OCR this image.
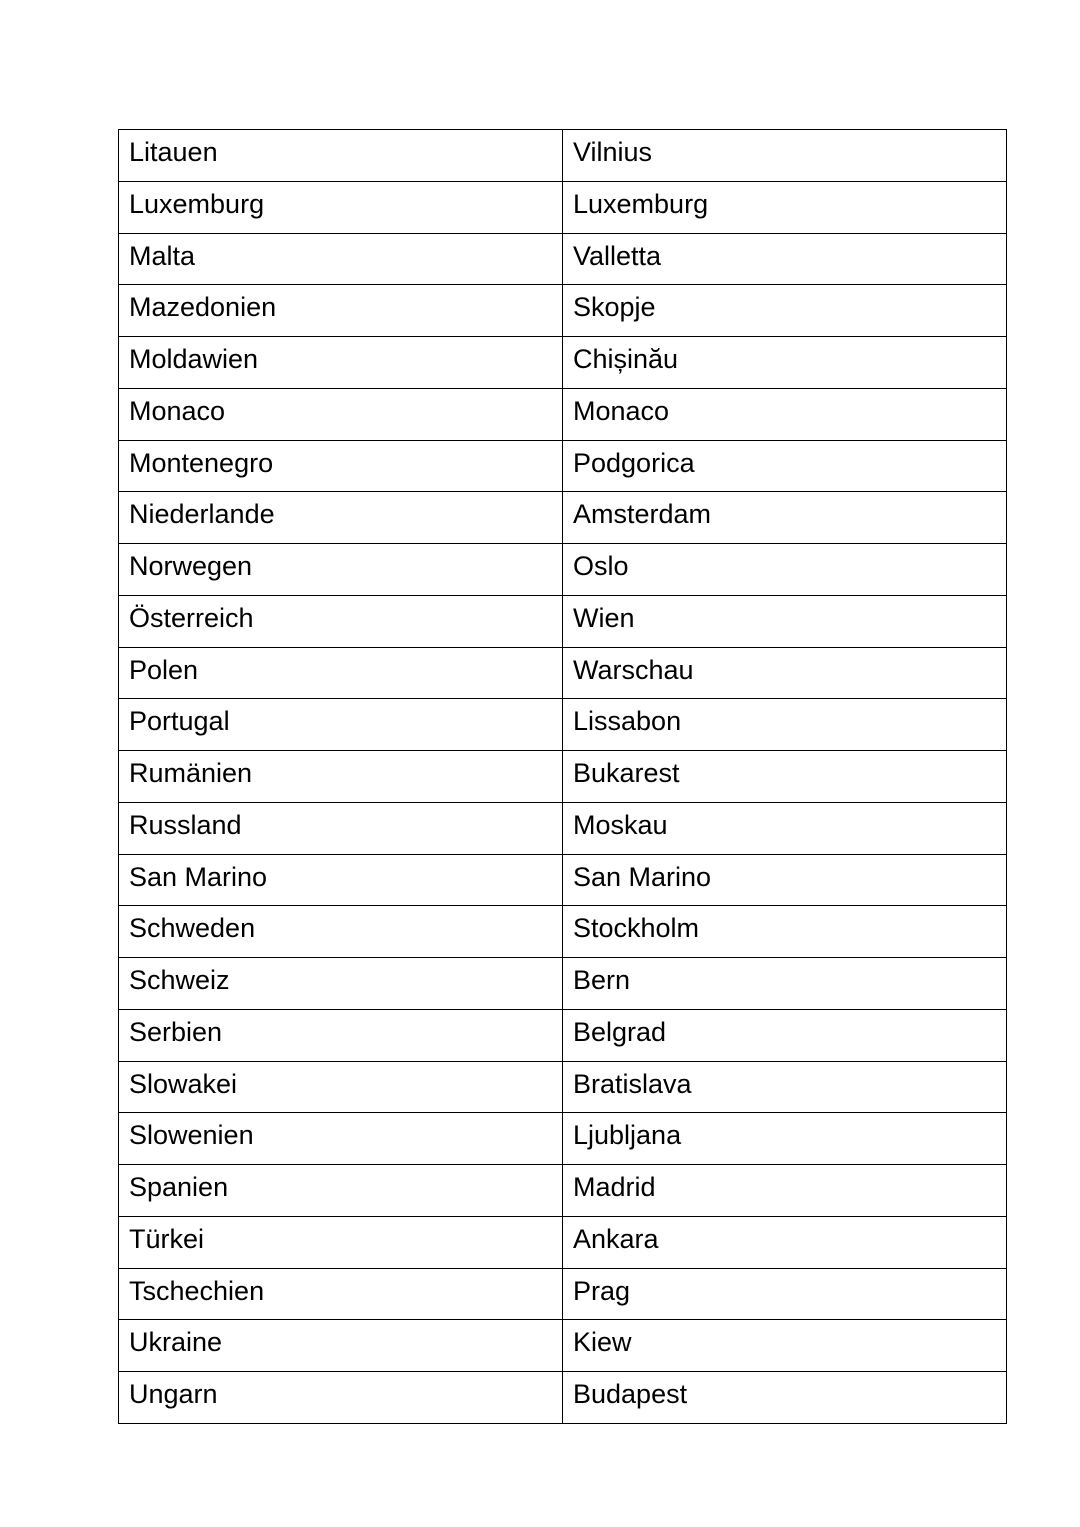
Litauen	Vilnius
Luxemburg	Luxemburg
Malta	Valletta
Mazedonien	Skopje
Moldawien	Chișinău
Monaco	Monaco
Montenegro	Podgorica
Niederlande	Amsterdam
Norwegen	Oslo
Österreich	Wien
Polen	Warschau
Portugal	Lissabon
Rumänien	Bukarest
Russland	Moskau
San Marino	San Marino
Schweden	Stockholm
Schweiz	Bern
Serbien	Belgrad
Slowakei	Bratislava
Slowenien	Ljubljana
Spanien	Madrid
Türkei	Ankara
Tschechien	Prag
Ukraine	Kiew
Ungarn	Budapest
